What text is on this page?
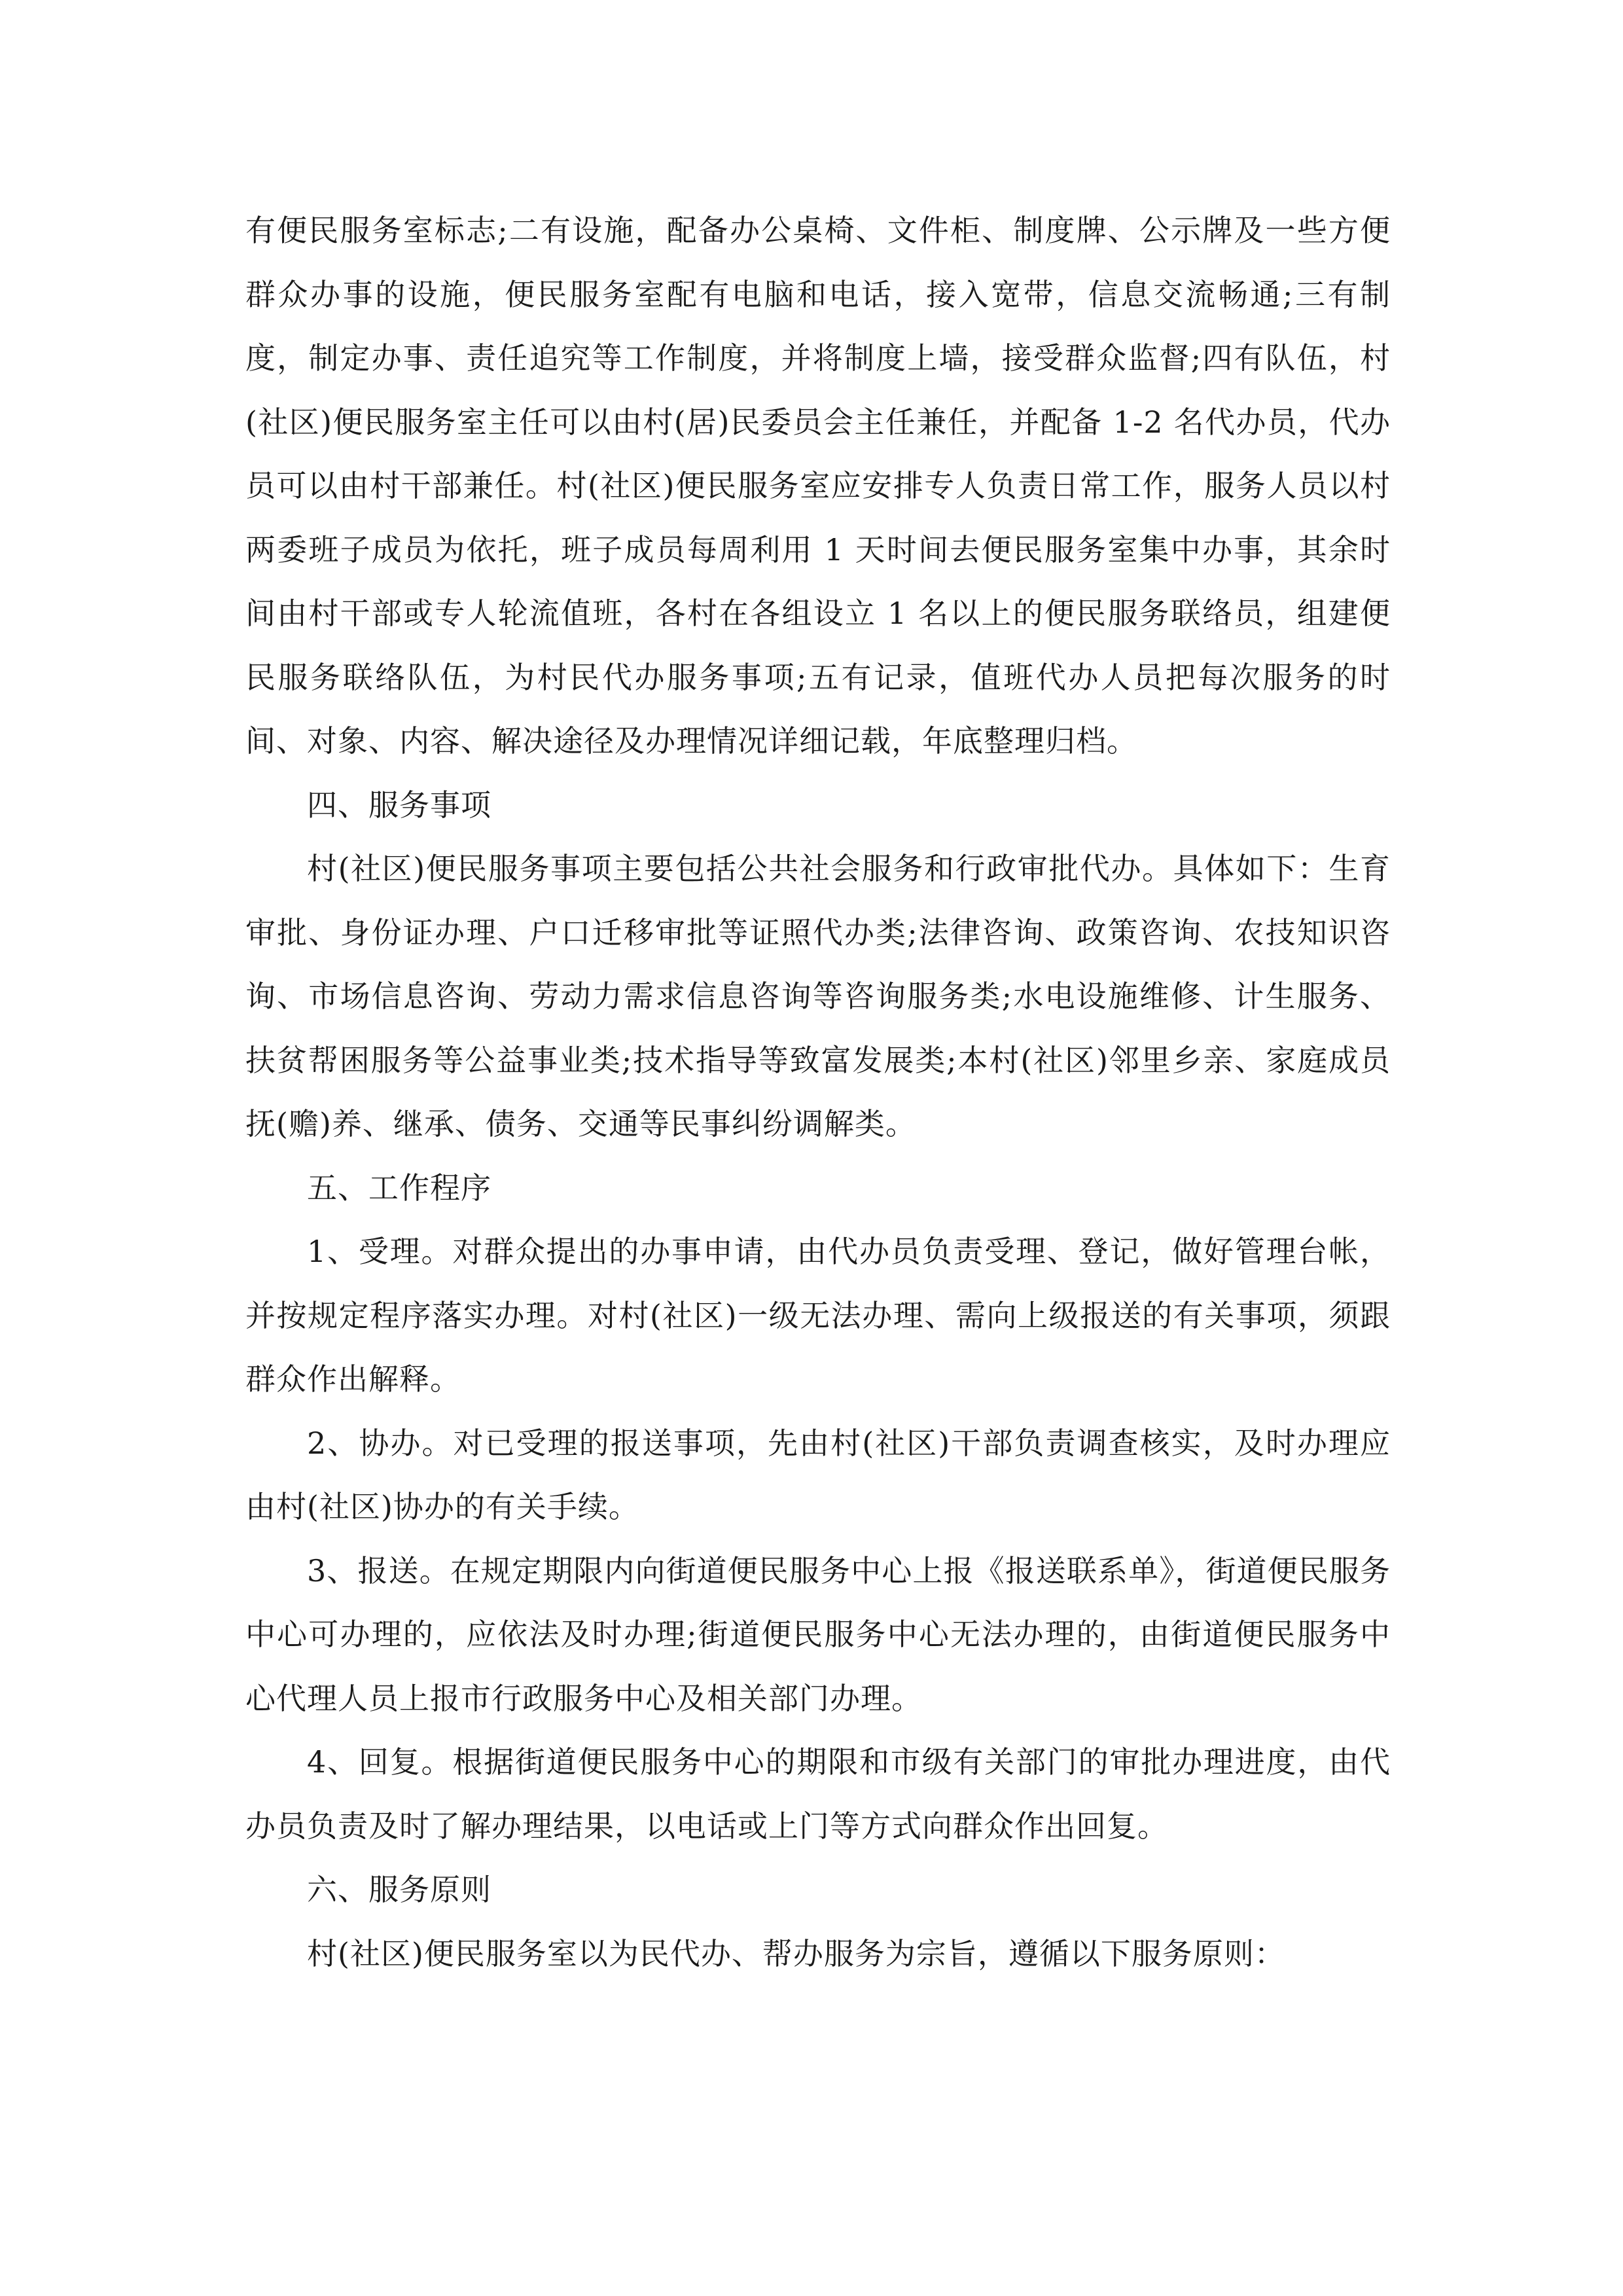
有便民服务室标志;二有设施，配备办公桌椅、文件柜、制度牌、公示牌及一些方便群众办事的设施，便民服务室配有电脑和电话，接入宽带，信息交流畅通;三有制度，制定办事、责任追究等工作制度，并将制度上墙，接受群众监督;四有队伍，村(社区)便民服务室主任可以由村(居)民委员会主任兼任，并配备 1-2 名代办员，代办员可以由村干部兼任。村(社区)便民服务室应安排专人负责日常工作，服务人员以村两委班子成员为依托，班子成员每周利用 1 天时间去便民服务室集中办事，其余时间由村干部或专人轮流值班，各村在各组设立 1 名以上的便民服务联络员，组建便民服务联络队伍，为村民代办服务事项;五有记录，值班代办人员把每次服务的时间、对象、内容、解决途径及办理情况详细记载，年底整理归档。

四、服务事项

村(社区)便民服务事项主要包括公共社会服务和行政审批代办。具体如下：生育审批、身份证办理、户口迁移审批等证照代办类;法律咨询、政策咨询、农技知识咨询、市场信息咨询、劳动力需求信息咨询等咨询服务类;水电设施维修、计生服务、扶贫帮困服务等公益事业类;技术指导等致富发展类;本村(社区)邻里乡亲、家庭成员抚(赡)养、继承、债务、交通等民事纠纷调解类。

五、工作程序

1、受理。对群众提出的办事申请，由代办员负责受理、登记，做好管理台帐，并按规定程序落实办理。对村(社区)一级无法办理、需向上级报送的有关事项，须跟群众作出解释。

2、协办。对已受理的报送事项，先由村(社区)干部负责调查核实，及时办理应由村(社区)协办的有关手续。

3、报送。在规定期限内向街道便民服务中心上报《报送联系单》，街道便民服务中心可办理的，应依法及时办理;街道便民服务中心无法办理的，由街道便民服务中心代理人员上报市行政服务中心及相关部门办理。

4、回复。根据街道便民服务中心的期限和市级有关部门的审批办理进度，由代办员负责及时了解办理结果，以电话或上门等方式向群众作出回复。

六、服务原则

村(社区)便民服务室以为民代办、帮办服务为宗旨，遵循以下服务原则：
